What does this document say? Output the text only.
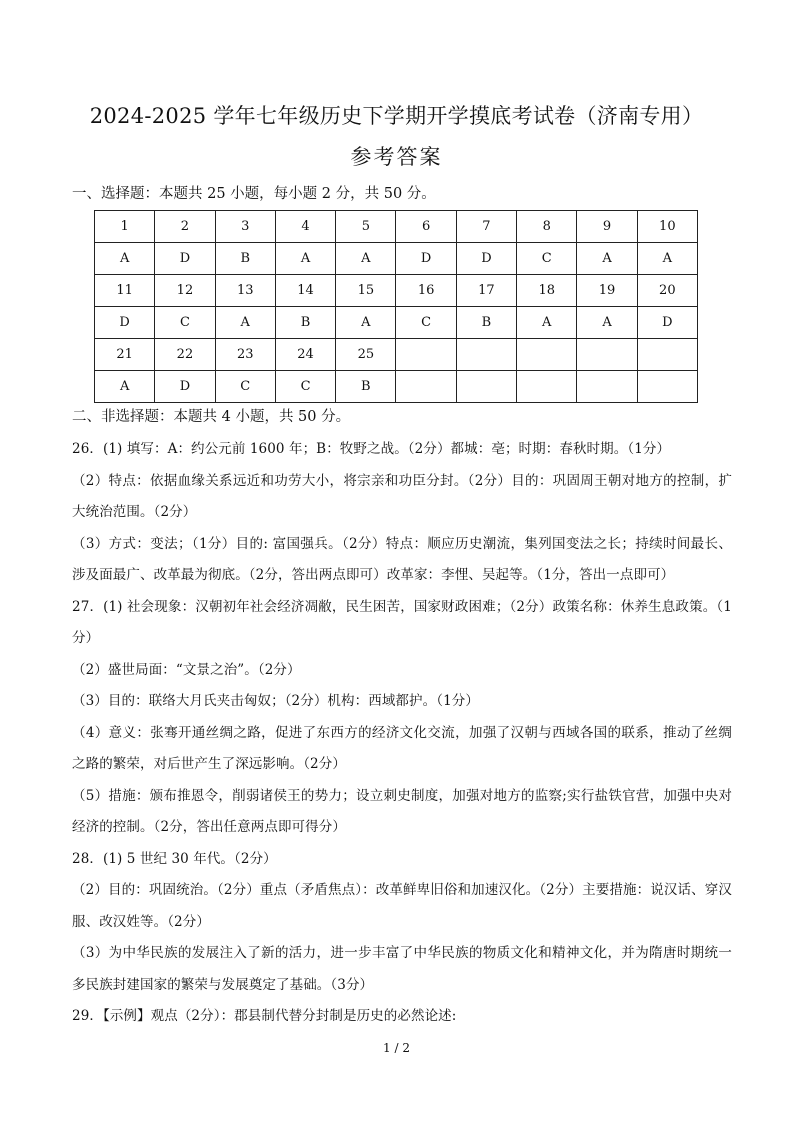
2024-2025 学年七年级历史下学期开学摸底考试卷（济南专用）
参考答案
一、选择题：本题共 25 小题，每小题 2 分，共 50 分。
1	2	3	4	5	6	7	8	9	10
A	D	B	A	A	D	D	C	A	A
11	12	13	14	15	16	17	18	19	20
D	C	A	B	A	C	B	A	A	D
21	22	23	24	25					
A	D	C	C	B					
二、非选择题：本题共 4 小题，共 50 分。

26．(1) 填写：A：约公元前 1600 年；B：牧野之战。（2分）都城：亳；时期：春秋时期。（1分）

（2）特点：依据血缘关系远近和功劳大小，将宗亲和功臣分封。（2分）目的：巩固周王朝对地方的控制，扩大统治范围。（2分）

（3）方式：变法；（1分）目的: 富国强兵。（2分）特点：顺应历史潮流，集列国变法之长；持续时间最长、涉及面最广、改革最为彻底。（2分，答出两点即可）改革家：李悝、吴起等。（1分，答出一点即可）

27．(1) 社会现象：汉朝初年社会经济凋敝，民生困苦，国家财政困难；（2分）政策名称：休养生息政策。（1分）

（2）盛世局面：“文景之治”。（2分）

（3）目的：联络大月氏夹击匈奴；（2分）机构：西域都护。（1分）

（4）意义：张骞开通丝绸之路，促进了东西方的经济文化交流，加强了汉朝与西域各国的联系，推动了丝绸之路的繁荣，对后世产生了深远影响。（2分）

（5）措施：颁布推恩令，削弱诸侯王的势力；设立刺史制度，加强对地方的监察;实行盐铁官营，加强中央对经济的控制。（2分，答出任意两点即可得分）

28．(1) 5 世纪 30 年代。（2分）

（2）目的：巩固统治。（2分）重点（矛盾焦点）：改革鲜卑旧俗和加速汉化。（2分）主要措施：说汉话、穿汉服、改汉姓等。（2分）

（3）为中华民族的发展注入了新的活力，进一步丰富了中华民族的物质文化和精神文化，并为隋唐时期统一多民族封建国家的繁荣与发展奠定了基础。（3分）

29．【示例】观点（2分）：郡县制代替分封制是历史的必然论述:

1 / 2
